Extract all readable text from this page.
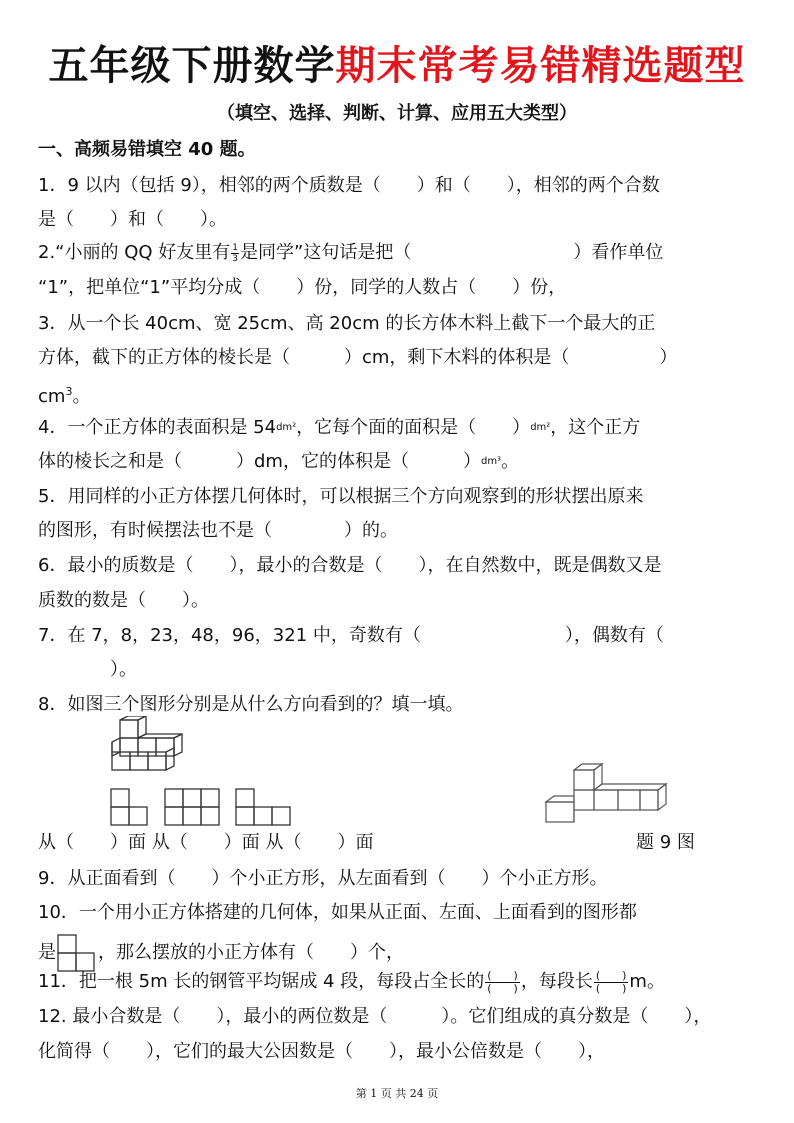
五年级下册数学期末常考易错精选题型
（填空、选择、判断、计算、应用五大类型）
一、高频易错填空 40 题。
1．9 以内（包括 9），相邻的两个质数是（　　）和（　　），相邻的两个合数
是（　　）和（　　）。
2.“小丽的 QQ 好友里有 $\frac{1}{3}$ 是同学”这句话是把（　　　　　　　　　）看作单位
“1”，把单位“1”平均分成（　　）份，同学的人数占（　　）份，
3．从一个长 40cm、宽 25cm、高 20cm 的长方体木料上截下一个最大的正
方体，截下的正方体的棱长是（　　　）cm，剩下木料的体积是（　　　　　）
$cm^3$。
4．一个正方体的表面积是 54dm²，它每个面的面积是（　　）dm²，这个正方
体的棱长之和是（　　　）dm，它的体积是（　　　）dm³。
5．用同样的小正方体摆几何体时，可以根据三个方向观察到的形状摆出原来
的图形，有时候摆法也不是（　　　　）的。
6．最小的质数是（　　），最小的合数是（　　），在自然数中，既是偶数又是
质数的数是（　　）。
7．在 7，8，23，48，96，321 中，奇数有（　　　　　　　　），偶数有（
　　　　）。
8．如图三个图形分别是从什么方向看到的？填一填。
从（　　）面 从（　　）面 从（　　）面	题 9 图
9．从正面看到（　　）个小正方形，从左面看到（　　）个小正方形。
10．一个用小正方体搭建的几何体，如果从正面、左面、上面看到的图形都
是 ，那么摆放的小正方体有（　　）个，
11．把一根 5m 长的钢管平均锯成 4 段，每段占全长的 $\frac{( )}{( )}$ ，每段长 $\frac{( )}{( )}$ m。
12. 最小合数是（　　），最小的两位数是（　　　）。它们组成的真分数是（　　），
化简得（　　），它们的最大公因数是（　　），最小公倍数是（　　），
第 1 页 共 24 页
